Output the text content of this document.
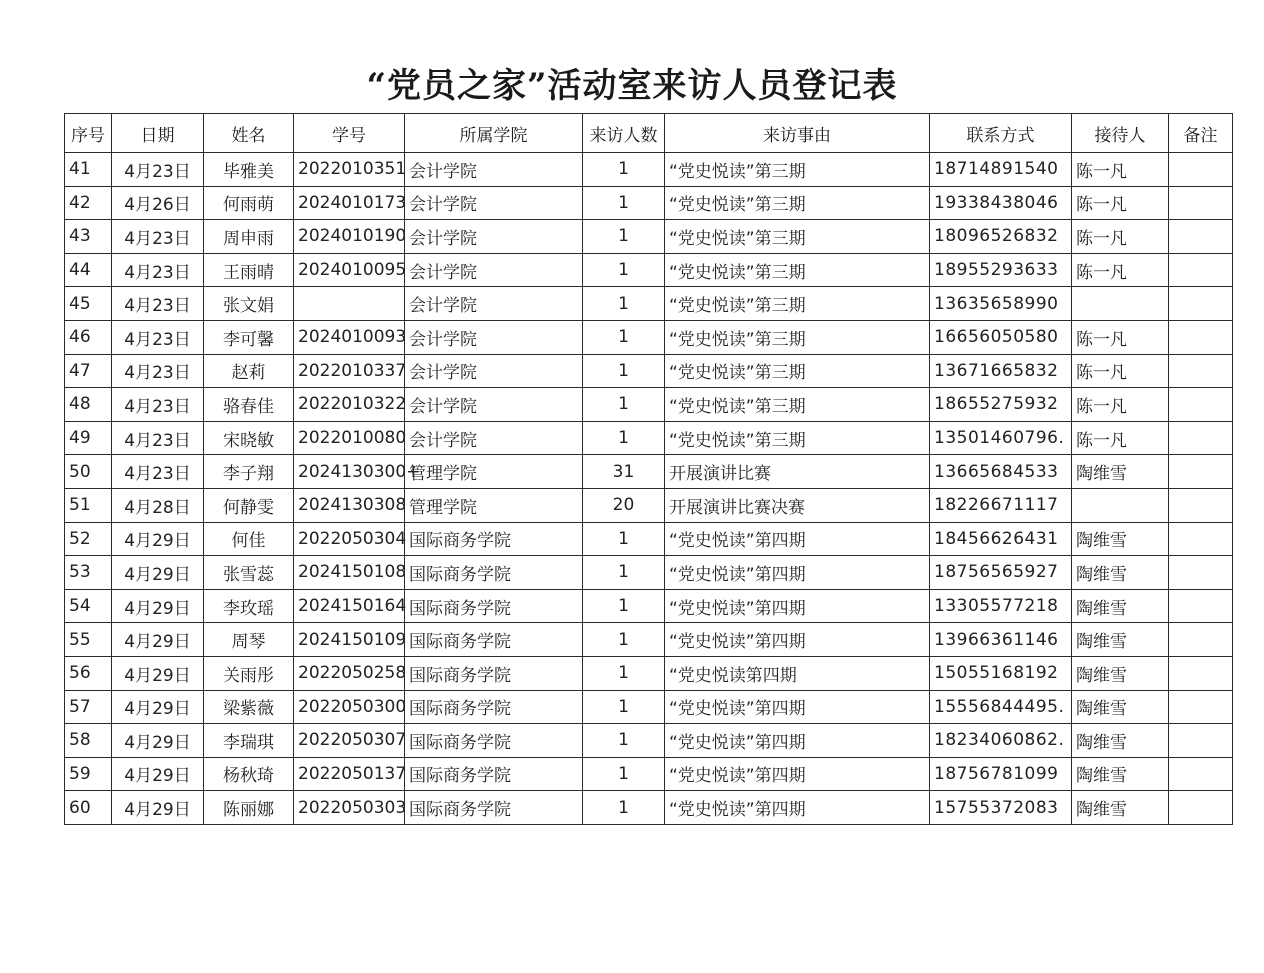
“党员之家”活动室来访人员登记表
序号	日期	姓名	学号	所属学院	来访人数	来访事由	联系方式	接待人	备注
41	4月23日	毕雅美	2022010351	会计学院	1	“党史悦读”第三期	18714891540	陈一凡	
42	4月26日	何雨萌	2024010173	会计学院	1	“党史悦读”第三期	19338438046	陈一凡	
43	4月23日	周申雨	2024010190	会计学院	1	“党史悦读”第三期	18096526832	陈一凡	
44	4月23日	王雨晴	2024010095	会计学院	1	“党史悦读”第三期	18955293633	陈一凡	
45	4月23日	张文娟		会计学院	1	“党史悦读”第三期	13635658990		
46	4月23日	李可馨	2024010093	会计学院	1	“党史悦读”第三期	16656050580	陈一凡	
47	4月23日	赵莉	2022010337	会计学院	1	“党史悦读”第三期	13671665832	陈一凡	
48	4月23日	骆春佳	2022010322	会计学院	1	“党史悦读”第三期	18655275932	陈一凡	
49	4月23日	宋晓敏	2022010080	会计学院	1	“党史悦读”第三期	13501460796.	陈一凡	
50	4月23日	李子翔	2024130300+	管理学院	31	开展演讲比赛	13665684533	陶维雪	
51	4月28日	何静雯	2024130308	管理学院	20	开展演讲比赛决赛	18226671117		
52	4月29日	何佳	2022050304	国际商务学院	1	“党史悦读”第四期	18456626431	陶维雪	
53	4月29日	张雪蕊	2024150108	国际商务学院	1	“党史悦读”第四期	18756565927	陶维雪	
54	4月29日	李玫瑶	2024150164	国际商务学院	1	“党史悦读”第四期	13305577218	陶维雪	
55	4月29日	周琴	2024150109	国际商务学院	1	“党史悦读”第四期	13966361146	陶维雪	
56	4月29日	关雨彤	2022050258	国际商务学院	1	“党史悦读第四期	15055168192	陶维雪	
57	4月29日	梁紫薇	2022050300	国际商务学院	1	“党史悦读”第四期	15556844495.	陶维雪	
58	4月29日	李瑞琪	2022050307	国际商务学院	1	“党史悦读”第四期	18234060862.	陶维雪	
59	4月29日	杨秋琦	2022050137	国际商务学院	1	“党史悦读”第四期	18756781099	陶维雪	
60	4月29日	陈丽娜	2022050303	国际商务学院	1	“党史悦读”第四期	15755372083	陶维雪	
